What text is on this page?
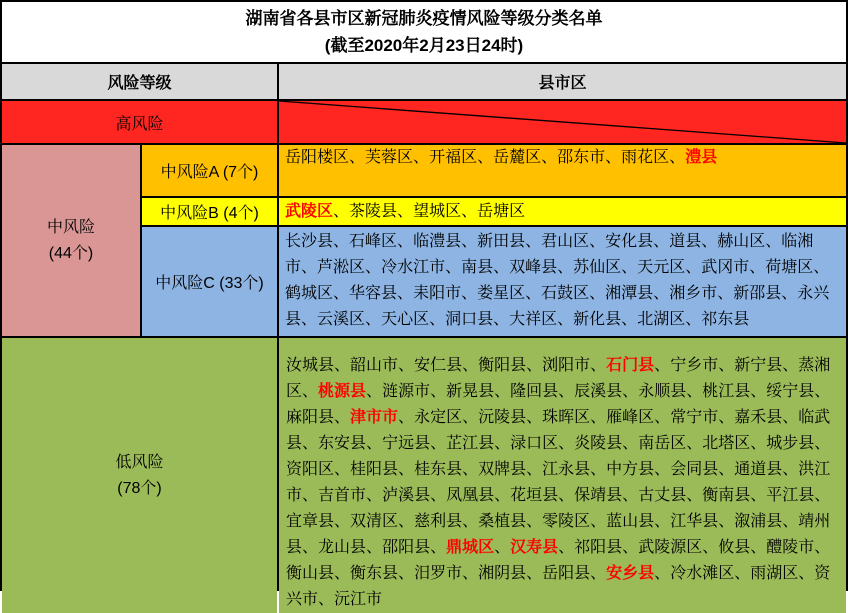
湖南省各县市区新冠肺炎疫情风险等级分类名单
(截至2020年2月23日24时)
风险等级	县市区
高风险
中风险
(44个)
中风险A (7个)
岳阳楼区、芙蓉区、开福区、岳麓区、邵东市、雨花区、澧县
中风险B (4个)	武陵区 、 茶陵县 、 望城区 、 岳塘区
中风险C (33个)
长沙县、石峰区、临澧县、新田县、君山区、安化县、道县、赫山区、临湘市、芦淞区、冷水江市、南县、双峰县、苏仙区、天元区、武冈市、荷塘区、鹤城区、华容县、耒阳市、娄星区、石鼓区、湘潭县、湘乡市、新邵县、永兴县、云溪区、天心区、洞口县、大祥区、新化县、北湖区、祁东县
低风险
(78个)
汝城县、韶山市、安仁县、衡阳县、浏阳市、石门县、宁乡市、新宁县、蒸湘区、桃源县、涟源市、新晃县、隆回县、辰溪县、永顺县、桃江县、绥宁县、麻阳县、津市市、永定区、沅陵县、珠晖区、雁峰区、常宁市、嘉禾县、临武县、东安县、宁远县、芷江县、渌口区、炎陵县、南岳区、北塔区、城步县、资阳区、桂阳县、桂东县、双牌县、江永县、中方县、会同县、通道县、洪江市、吉首市、泸溪县、凤凰县、花垣县、保靖县、古丈县、衡南县、平江县、宜章县、双清区、慈利县、桑植县、零陵区、蓝山县、江华县、溆浦县、靖州县、龙山县、邵阳县、鼎城区、汉寿县、祁阳县、武陵源区、攸县、醴陵市、衡山县、衡东县、汨罗市、湘阴县、岳阳县、安乡县、冷水滩区、雨湖区、资兴市、沅江市
